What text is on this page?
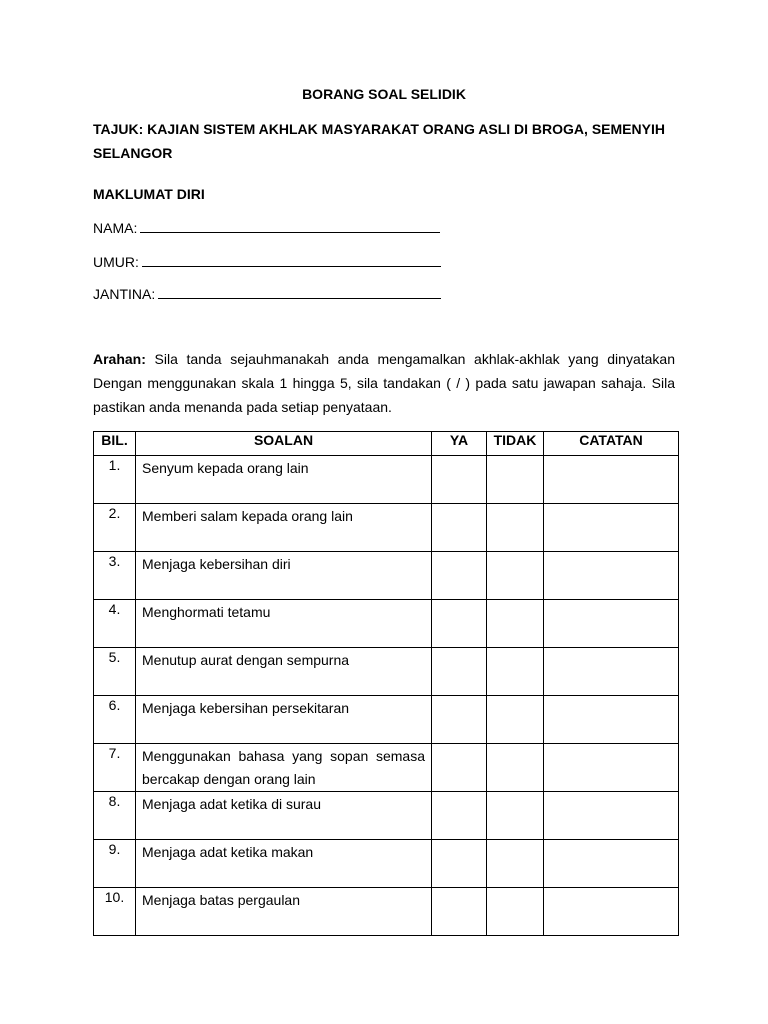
BORANG SOAL SELIDIK
TAJUK: KAJIAN SISTEM AKHLAK MASYARAKAT ORANG ASLI DI BROGA, SEMENYIH
SELANGOR
MAKLUMAT DIRI
NAMA:
UMUR:
JANTINA:
Arahan: Sila tanda sejauhmanakah anda mengamalkan akhlak-akhlak yang dinyatakan
Dengan menggunakan skala 1 hingga 5, sila tandakan ( / ) pada satu jawapan sahaja. Sila
pastikan anda menanda pada setiap penyataan.
BIL.	SOALAN	YA	TIDAK	CATATAN
1.	Senyum kepada orang lain			
2.	Memberi salam kepada orang lain			
3.	Menjaga kebersihan diri			
4.	Menghormati tetamu			
5.	Menutup aurat dengan sempurna			
6.	Menjaga kebersihan persekitaran			
7.	Menggunakan bahasa yang sopan semasa bercakap dengan orang lain			
8.	Menjaga adat ketika di surau			
9.	Menjaga adat ketika makan			
10.	Menjaga batas pergaulan			
